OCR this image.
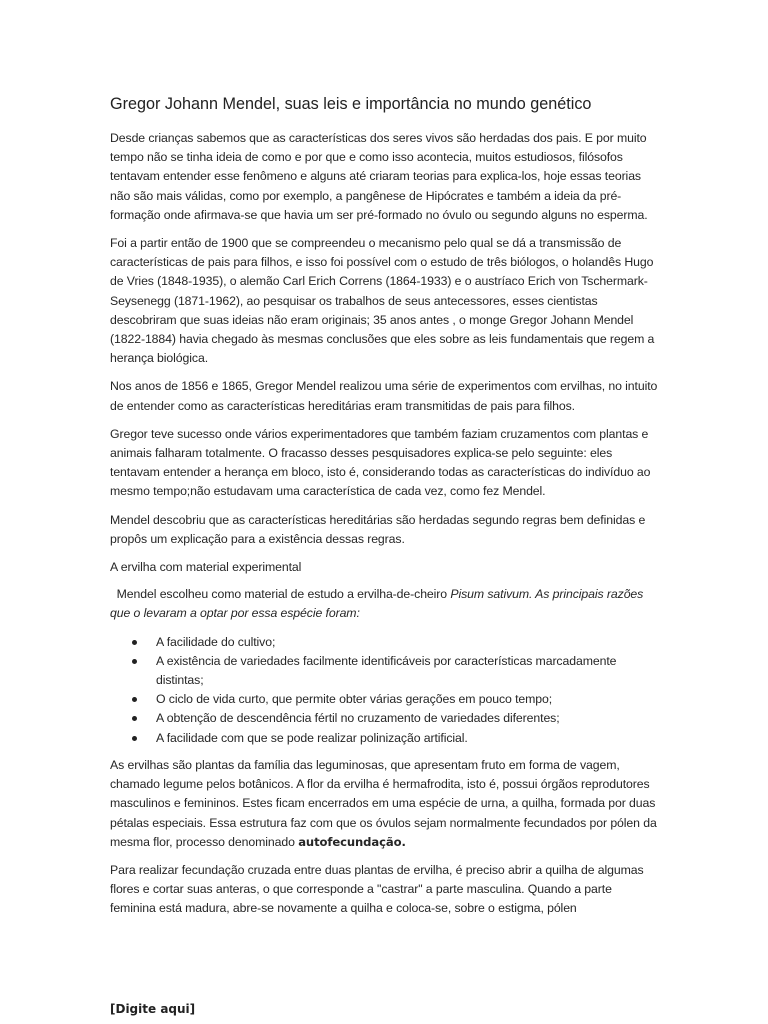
Gregor Johann Mendel, suas leis e importância no mundo genético

Desde crianças sabemos que as características dos seres vivos são herdadas dos pais. E por muito tempo não se tinha ideia de como e por que e como isso acontecia, muitos estudiosos, filósofos tentavam entender esse fenômeno e alguns até criaram teorias para explica-los, hoje essas teorias não são mais válidas, como por exemplo, a pangênese de Hipócrates e também a ideia da pré-formação onde afirmava-se que havia um ser pré-formado no óvulo ou segundo alguns no esperma.

Foi a partir então de 1900 que se compreendeu o mecanismo pelo qual se dá a transmissão de características de pais para filhos, e isso foi possível com o estudo de três biólogos, o holandês Hugo de Vries (1848-1935), o alemão Carl Erich Correns (1864-1933) e o austríaco Erich von Tschermark-Seysenegg (1871-1962), ao pesquisar os trabalhos de seus antecessores, esses cientistas descobriram que suas ideias não eram originais; 35 anos antes , o monge Gregor Johann Mendel (1822-1884) havia chegado às mesmas conclusões que eles sobre as leis fundamentais que regem a herança biológica.

Nos anos de 1856 e 1865, Gregor Mendel realizou uma série de experimentos com ervilhas, no intuito de entender como as características hereditárias eram transmitidas de pais para filhos.

Gregor teve sucesso onde vários experimentadores que também faziam cruzamentos com plantas e animais falharam totalmente. O fracasso desses pesquisadores explica-se pelo seguinte: eles tentavam entender a herança em bloco, isto é, considerando todas as características do indivíduo ao mesmo tempo;não estudavam uma característica de cada vez, como fez Mendel.

Mendel descobriu que as características hereditárias são herdadas segundo regras bem definidas e propôs um explicação para a existência dessas regras.

A ervilha com material experimental

Mendel escolheu como material de estudo a ervilha-de-cheiro Pisum sativum. As principais razões que o levaram a optar por essa espécie foram:

A facilidade do cultivo;
A existência de variedades facilmente identificáveis por características marcadamente distintas;
O ciclo de vida curto, que permite obter várias gerações em pouco tempo;
A obtenção de descendência fértil no cruzamento de variedades diferentes;
A facilidade com que se pode realizar polinização artificial.

As ervilhas são plantas da família das leguminosas, que apresentam fruto em forma de vagem, chamado legume pelos botânicos. A flor da ervilha é hermafrodita, isto é, possui órgãos reprodutores masculinos e femininos. Estes ficam encerrados em uma espécie de urna, a quilha, formada por duas pétalas especiais. Essa estrutura faz com que os óvulos sejam normalmente fecundados por pólen da mesma flor, processo denominado autofecundação.

Para realizar fecundação cruzada entre duas plantas de ervilha, é preciso abrir a quilha de algumas flores e cortar suas anteras, o que corresponde a "castrar" a parte masculina. Quando a parte feminina está madura, abre-se novamente a quilha e coloca-se, sobre o estigma, pólen

[Digite aqui]
